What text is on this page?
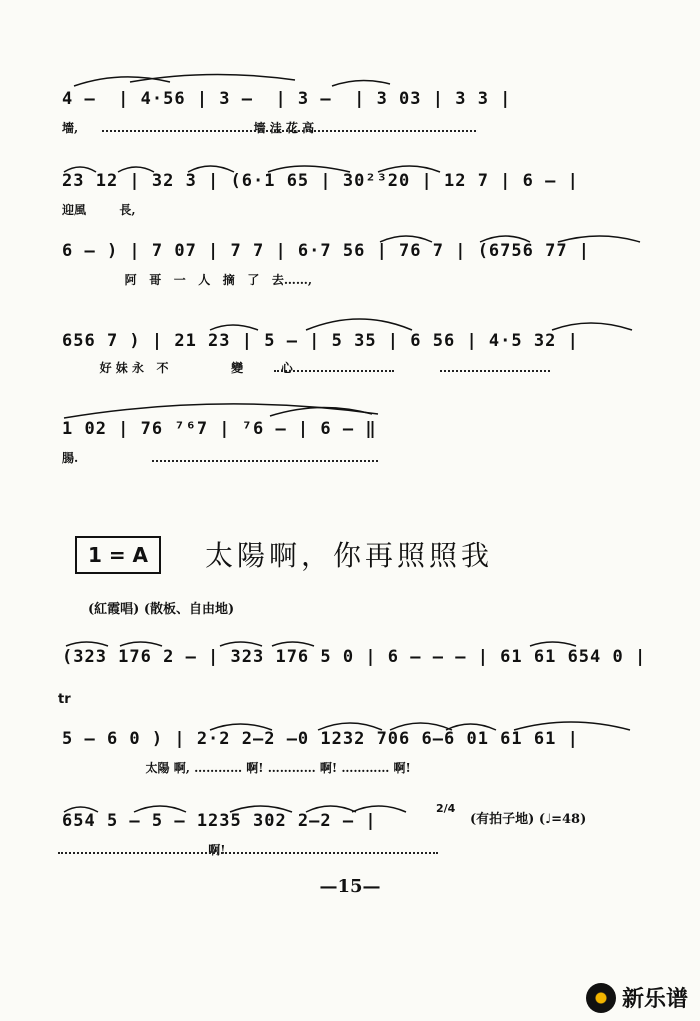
4 —  | 4·56 | 3 —  | 3 —  | 3 03 | 3 3 |
墻,                                          墻 洼 花 高
23 12 | 32 3 | (6·1 65 | 30²³20 | 12 7 | 6 — |
迎風        長,
6 — ) | 7 07 | 7 7 | 6·7 56 | 76 7 | (6756 77 |
阿   哥   一   人   摘   了   去……,
656 7 ) | 21 23 | 5 — | 5 35 | 6 56 | 4·5 32 |
好 妹 永   不               變         心
1 02 | 76 ⁷⁶7 | ⁷6 — | 6 — ‖
腸.
1 = A	太陽啊，你再照照我
(紅霞唱) (散板、自由地)
(323 176 2 — | 323 176 5 0 | 6 — — — | 61 61 654 0 |
tr
5 — 6 0 ) | 2·2 2—2 —0 1232 706 6—6 01 61 61 |
太陽 啊, ………… 啊! ………… 啊! ………… 啊!
654 5 — 5 — 1235 302 2—2 — |
啊!
2/4
(有拍子地) (♩=48)
—15—
新乐谱
